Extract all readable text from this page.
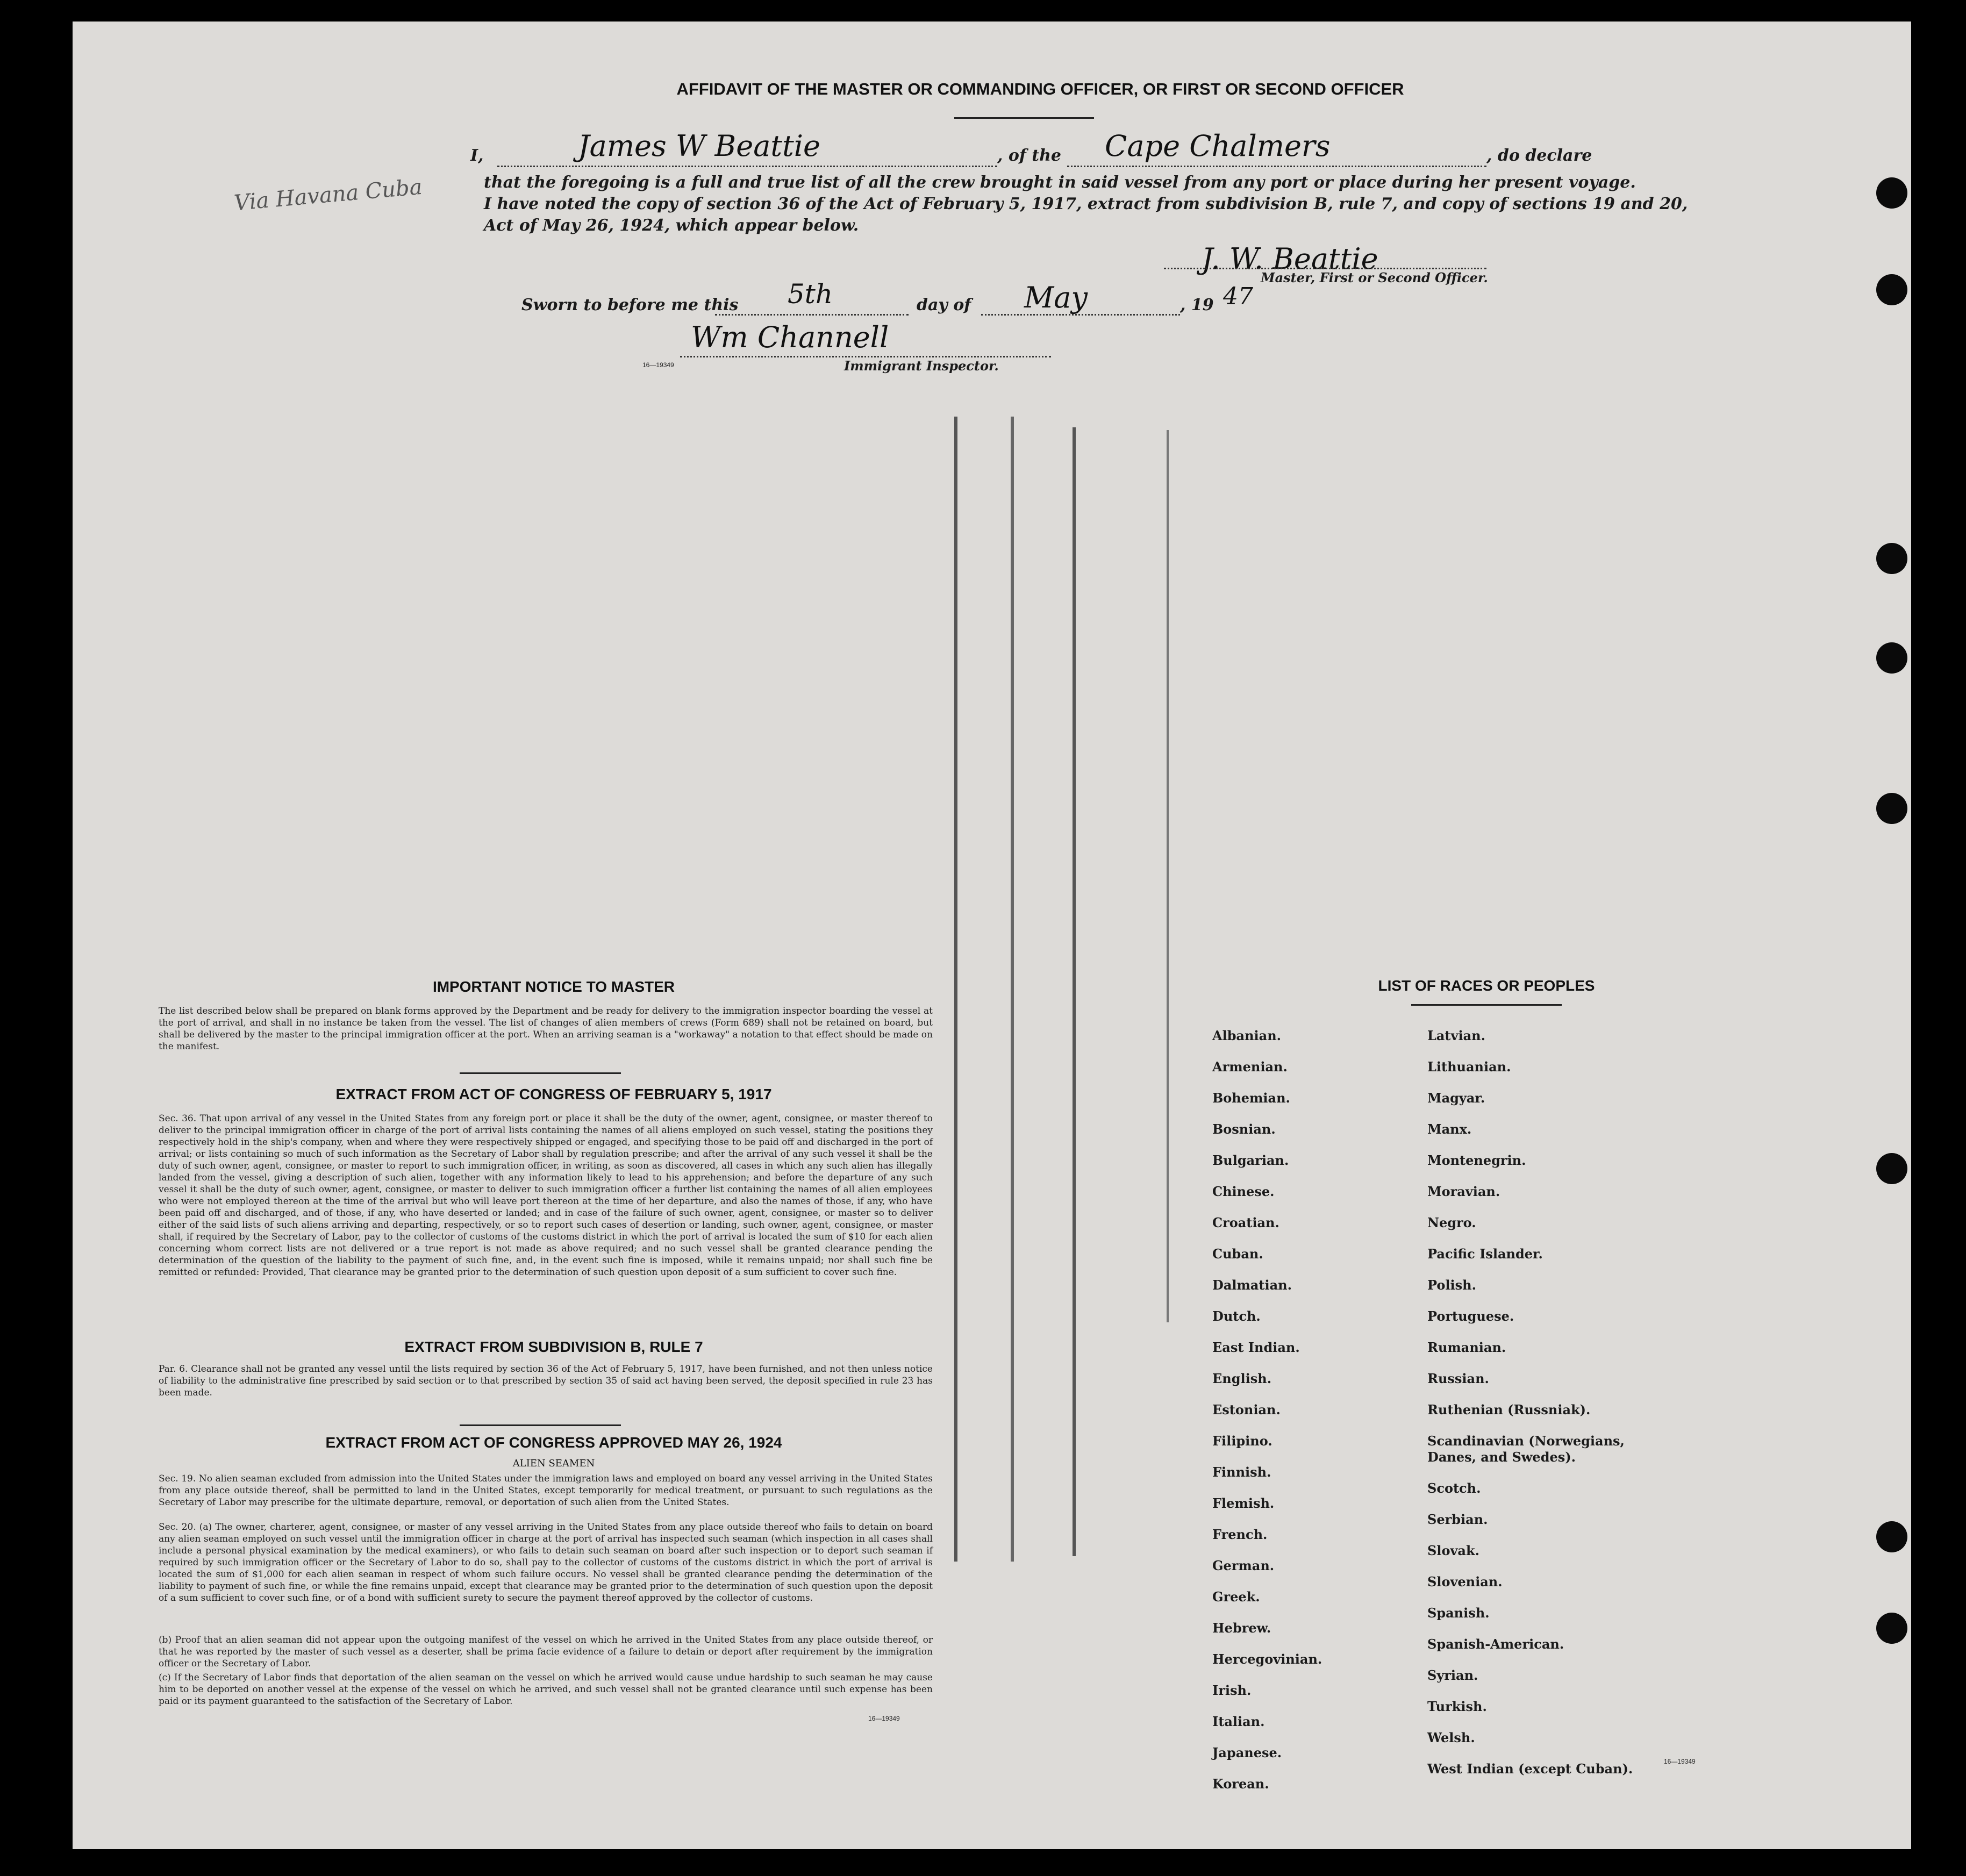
AFFIDAVIT OF THE MASTER OR COMMANDING OFFICER, OR FIRST OR SECOND OFFICER
I,	James W Beattie	, of the Cape Chalmers	, do declare
that the foregoing is a full and true list of all the crew brought in said vessel from any port or place during her present voyage.
I have noted the copy of section 36 of the Act of February 5, 1917, extract from subdivision B, rule 7, and copy of sections 19 and 20,
Act of May 26, 1924, which appear below.
Via Havana Cuba
J. W. Beattie
Master, First or Second Officer.
Sworn to before me this 5th	day of May	, 19 47
Wm Channell
16—19349	Immigrant Inspector.
IMPORTANT NOTICE TO MASTER
The list described below shall be prepared on blank forms approved by the Department and be ready for delivery to the immigration inspector boarding the vessel at the port of arrival, and shall in no instance be taken from the vessel. The list of changes of alien members of crews (Form 689) shall not be retained on board, but shall be delivered by the master to the principal immigration officer at the port. When an arriving seaman is a "workaway" a notation to that effect should be made on the manifest.
EXTRACT FROM ACT OF CONGRESS OF FEBRUARY 5, 1917
Sec. 36. That upon arrival of any vessel in the United States from any foreign port or place it shall be the duty of the owner, agent, consignee, or master thereof to deliver to the principal immigration officer in charge of the port of arrival lists containing the names of all aliens employed on such vessel, stating the positions they respectively hold in the ship's company, when and where they were respectively shipped or engaged, and specifying those to be paid off and discharged in the port of arrival; or lists containing so much of such information as the Secretary of Labor shall by regulation prescribe; and after the arrival of any such vessel it shall be the duty of such owner, agent, consignee, or master to report to such immigration officer, in writing, as soon as discovered, all cases in which any such alien has illegally landed from the vessel, giving a description of such alien, together with any information likely to lead to his apprehension; and before the departure of any such vessel it shall be the duty of such owner, agent, consignee, or master to deliver to such immigration officer a further list containing the names of all alien employees who were not employed thereon at the time of the arrival but who will leave port thereon at the time of her departure, and also the names of those, if any, who have been paid off and discharged, and of those, if any, who have deserted or landed; and in case of the failure of such owner, agent, consignee, or master so to deliver either of the said lists of such aliens arriving and departing, respectively, or so to report such cases of desertion or landing, such owner, agent, consignee, or master shall, if required by the Secretary of Labor, pay to the collector of customs of the customs district in which the port of arrival is located the sum of $10 for each alien concerning whom correct lists are not delivered or a true report is not made as above required; and no such vessel shall be granted clearance pending the determination of the question of the liability to the payment of such fine, and, in the event such fine is imposed, while it remains unpaid; nor shall such fine be remitted or refunded: Provided, That clearance may be granted prior to the determination of such question upon deposit of a sum sufficient to cover such fine.
EXTRACT FROM SUBDIVISION B, RULE 7
Par. 6. Clearance shall not be granted any vessel until the lists required by section 36 of the Act of February 5, 1917, have been furnished, and not then unless notice of liability to the administrative fine prescribed by said section or to that prescribed by section 35 of said act having been served, the deposit specified in rule 23 has been made.
EXTRACT FROM ACT OF CONGRESS APPROVED MAY 26, 1924
ALIEN SEAMEN
Sec. 19. No alien seaman excluded from admission into the United States under the immigration laws and employed on board any vessel arriving in the United States from any place outside thereof, shall be permitted to land in the United States, except temporarily for medical treatment, or pursuant to such regulations as the Secretary of Labor may prescribe for the ultimate departure, removal, or deportation of such alien from the United States.
Sec. 20. (a) The owner, charterer, agent, consignee, or master of any vessel arriving in the United States from any place outside thereof who fails to detain on board any alien seaman employed on such vessel until the immigration officer in charge at the port of arrival has inspected such seaman (which inspection in all cases shall include a personal physical examination by the medical examiners), or who fails to detain such seaman on board after such inspection or to deport such seaman if required by such immigration officer or the Secretary of Labor to do so, shall pay to the collector of customs of the customs district in which the port of arrival is located the sum of $1,000 for each alien seaman in respect of whom such failure occurs. No vessel shall be granted clearance pending the determination of the liability to payment of such fine, or while the fine remains unpaid, except that clearance may be granted prior to the determination of such question upon the deposit of a sum sufficient to cover such fine, or of a bond with sufficient surety to secure the payment thereof approved by the collector of customs.
(b) Proof that an alien seaman did not appear upon the outgoing manifest of the vessel on which he arrived in the United States from any place outside thereof, or that he was reported by the master of such vessel as a deserter, shall be prima facie evidence of a failure to detain or deport after requirement by the immigration officer or the Secretary of Labor.
(c) If the Secretary of Labor finds that deportation of the alien seaman on the vessel on which he arrived would cause undue hardship to such seaman he may cause him to be deported on another vessel at the expense of the vessel on which he arrived, and such vessel shall not be granted clearance until such expense has been paid or its payment guaranteed to the satisfaction of the Secretary of Labor.
16—19349
LIST OF RACES OR PEOPLES
16—19349
Albanian.
Armenian.
Bohemian.
Bosnian.
Bulgarian.
Chinese.
Croatian.
Cuban.
Dalmatian.
Dutch.
East Indian.
English.
Estonian.
Filipino.
Finnish.
Flemish.
French.
German.
Greek.
Hebrew.
Hercegovinian.
Irish.
Italian.
Japanese.
Korean.
Latvian.
Lithuanian.
Magyar.
Manx.
Montenegrin.
Moravian.
Negro.
Pacific Islander.
Polish.
Portuguese.
Rumanian.
Russian.
Ruthenian (Russniak).
Scandinavian (Norwegians,
Danes, and Swedes).
Scotch.
Serbian.
Slovak.
Slovenian.
Spanish.
Spanish-American.
Syrian.
Turkish.
Welsh.
West Indian (except Cuban).
